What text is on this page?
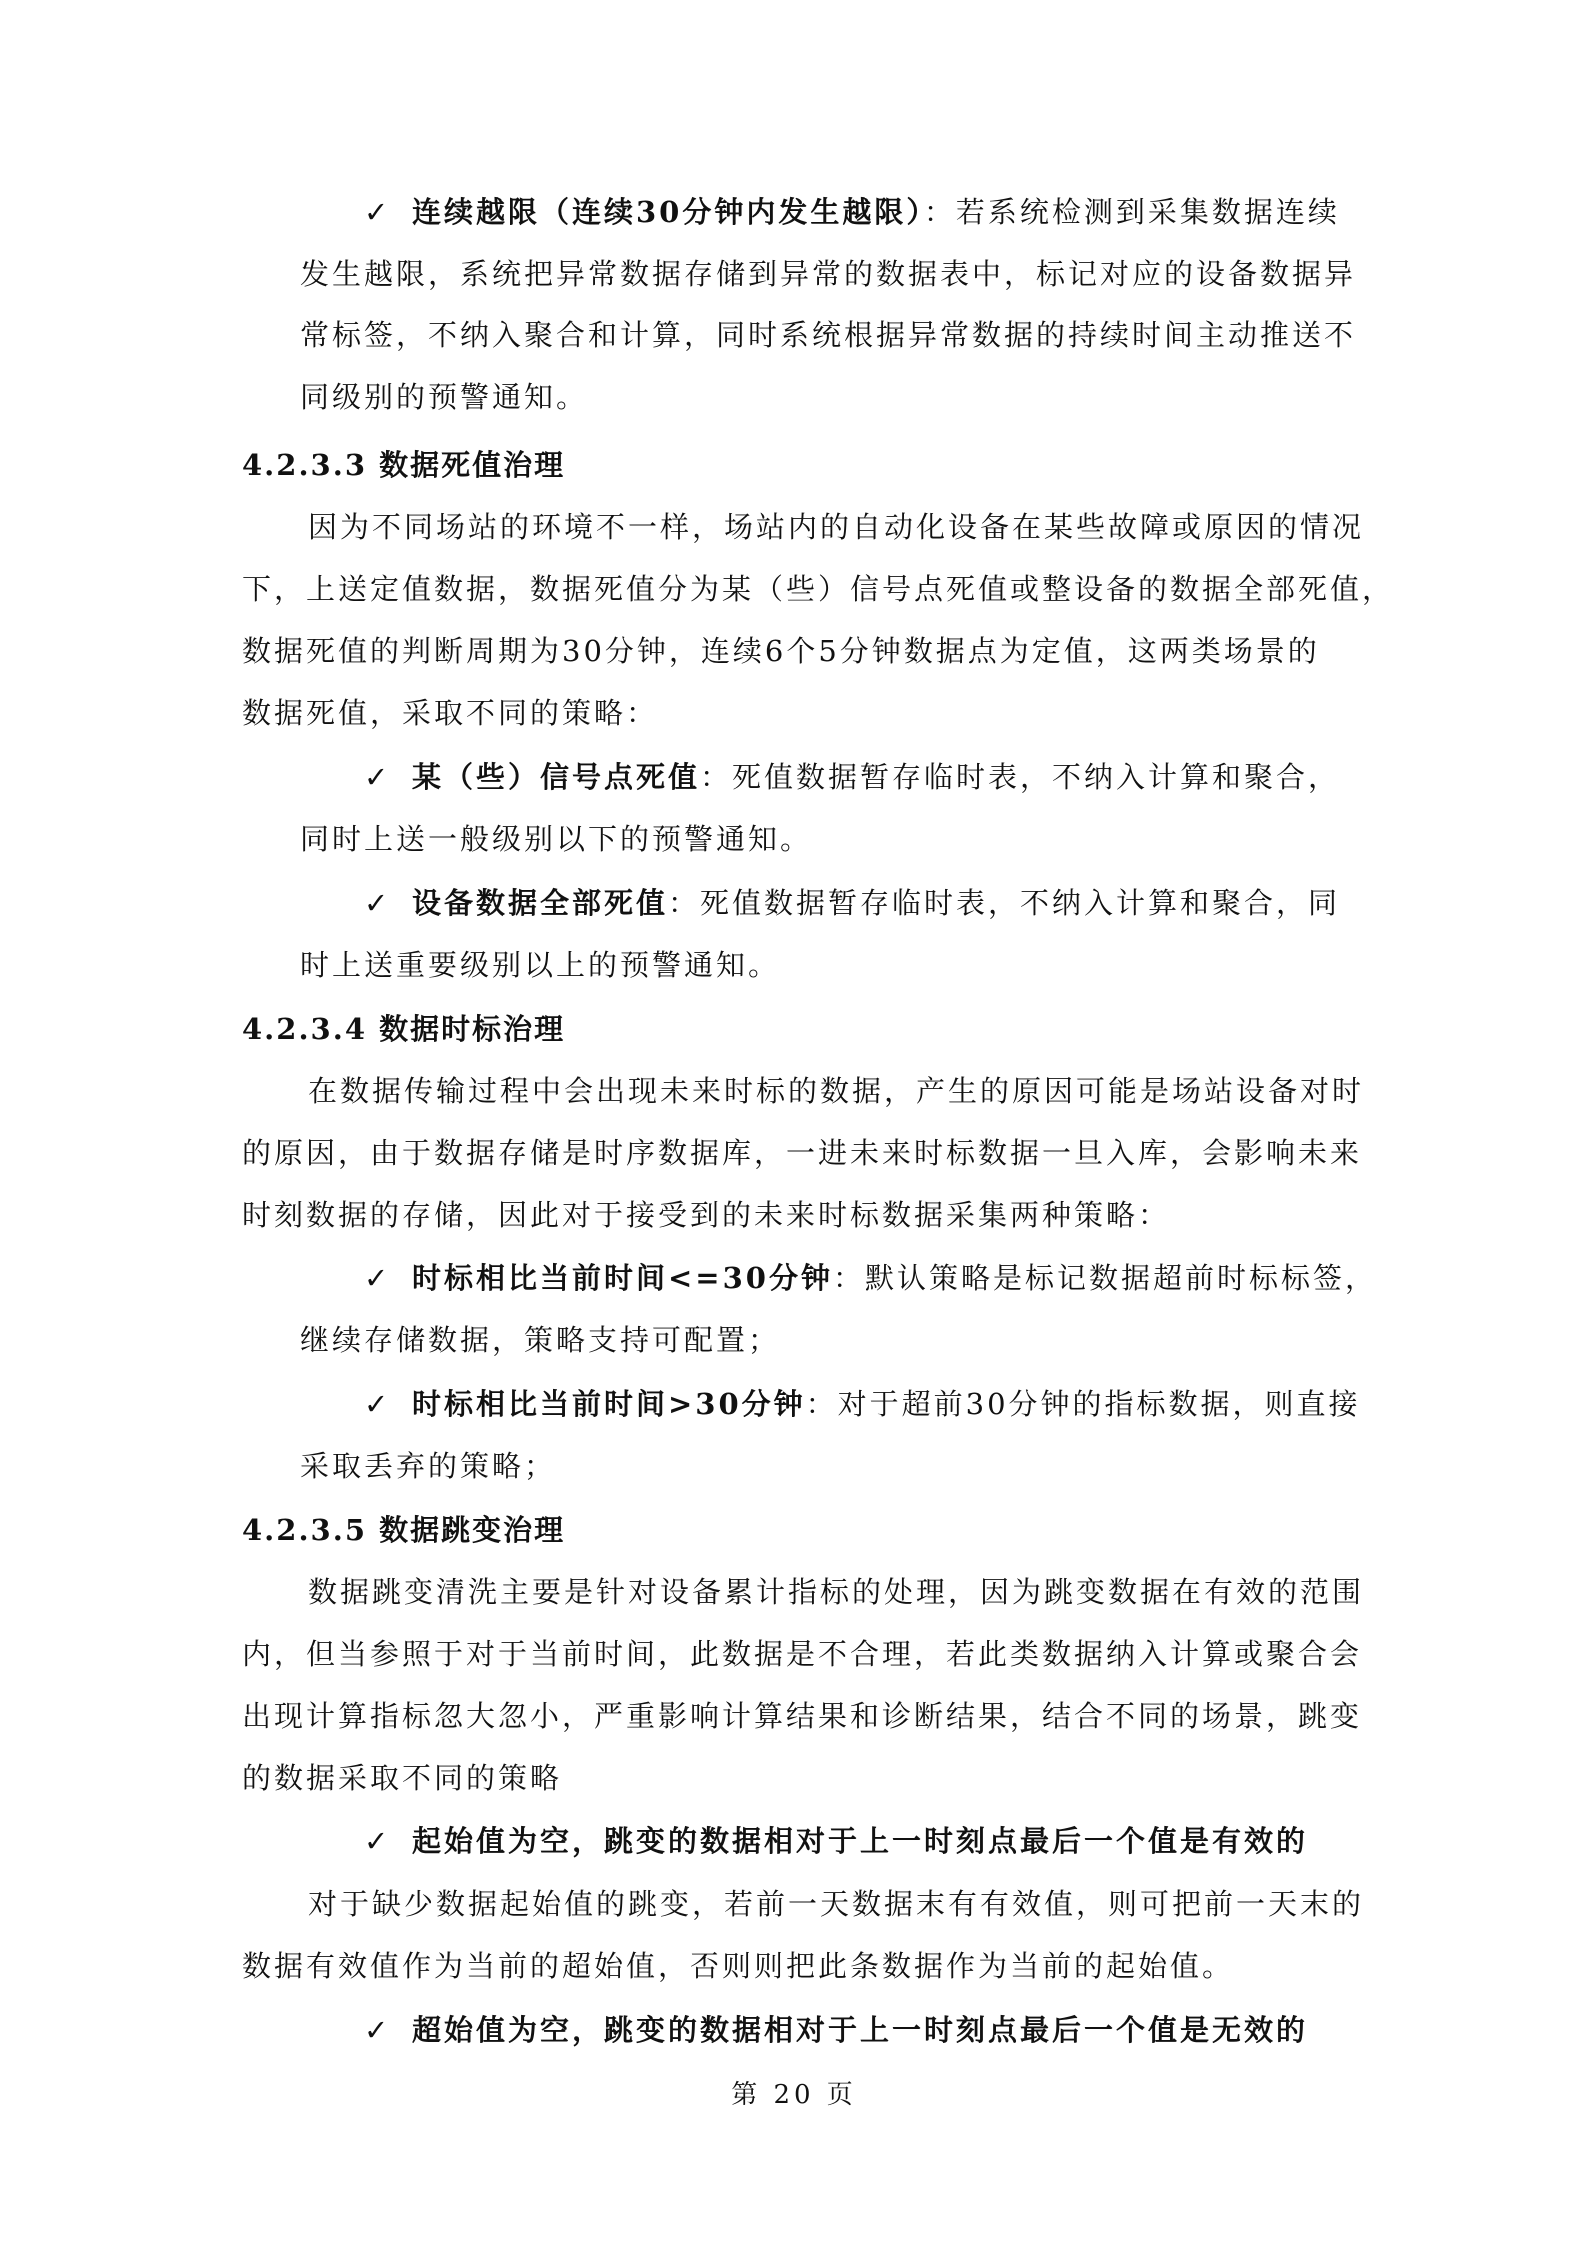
✓ 连续越限（连续30分钟内发生越限）：若系统检测到采集数据连续
发生越限，系统把异常数据存储到异常的数据表中，标记对应的设备数据异
常标签，不纳入聚合和计算，同时系统根据异常数据的持续时间主动推送不
同级别的预警通知。
4.2.3.3 数据死值治理
因为不同场站的环境不一样，场站内的自动化设备在某些故障或原因的情况
下，上送定值数据，数据死值分为某（些）信号点死值或整设备的数据全部死值，
数据死值的判断周期为30分钟，连续6个5分钟数据点为定值，这两类场景的
数据死值，采取不同的策略：
✓ 某（些）信号点死值：死值数据暂存临时表，不纳入计算和聚合，
同时上送一般级别以下的预警通知。
✓ 设备数据全部死值：死值数据暂存临时表，不纳入计算和聚合，同
时上送重要级别以上的预警通知。
4.2.3.4 数据时标治理
在数据传输过程中会出现未来时标的数据，产生的原因可能是场站设备对时
的原因，由于数据存储是时序数据库，一进未来时标数据一旦入库，会影响未来
时刻数据的存储，因此对于接受到的未来时标数据采集两种策略：
✓ 时标相比当前时间<=30分钟：默认策略是标记数据超前时标标签，
继续存储数据，策略支持可配置；
✓ 时标相比当前时间>30分钟：对于超前30分钟的指标数据，则直接
采取丢弃的策略；
4.2.3.5 数据跳变治理
数据跳变清洗主要是针对设备累计指标的处理，因为跳变数据在有效的范围
内，但当参照于对于当前时间，此数据是不合理，若此类数据纳入计算或聚合会
出现计算指标忽大忽小，严重影响计算结果和诊断结果，结合不同的场景，跳变
的数据采取不同的策略
✓ 起始值为空，跳变的数据相对于上一时刻点最后一个值是有效的
对于缺少数据起始值的跳变，若前一天数据末有有效值，则可把前一天末的
数据有效值作为当前的超始值，否则则把此条数据作为当前的起始值。
✓ 超始值为空，跳变的数据相对于上一时刻点最后一个值是无效的
第 20 页
